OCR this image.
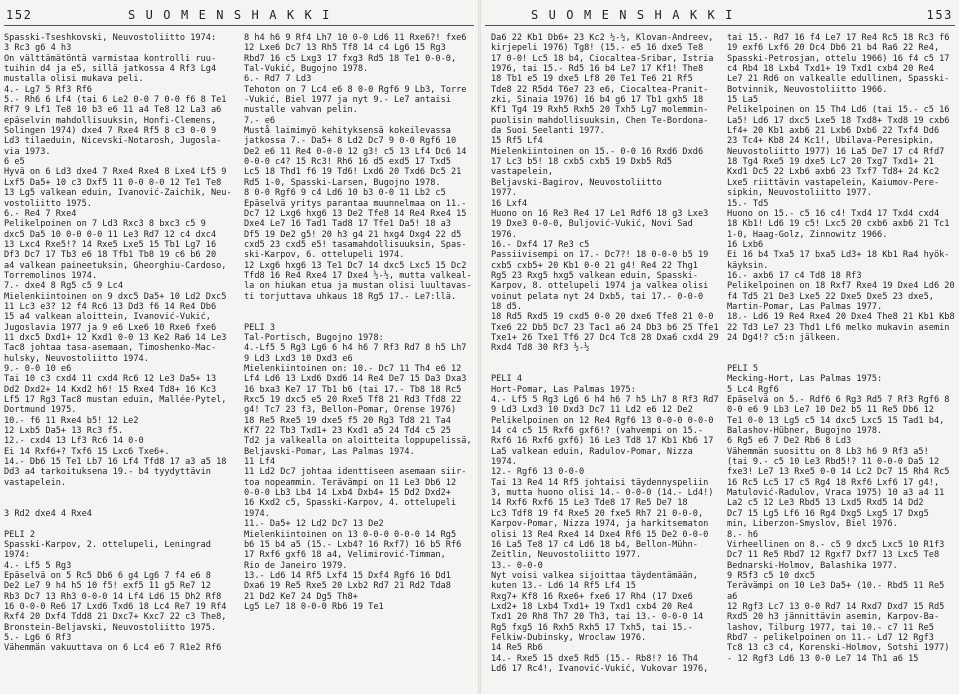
152	S U O M E N S H A K K I
Spasski-Tseshkovski, Neuvostoliitto 1974:
3 Rc3 g6 4 h3
On välttämätöntä varmistaa kontrolli ruu-
tuihin d4 ja e5, sillä jatkossa 4 Rf3 Lg4
mustalla olisi mukava peli.
4.- Lg7 5 Rf3 Rf6
5.- Rh6 6 Lf4 (tai 6 Le2 0-0 7 0-0 f6 8 Te1
Rf7 9 Lf1 Te8 10 b3 e6 11 a4 Te8 12 La3 a6
epäselvin mahdollisuuksin, Honfi-Clemens,
Solingen 1974) dxe4 7 Rxe4 Rf5 8 c3 0-0 9
Ld3 tilaeduin, Nicevski-Notarosh, Jugosla-
via 1973.
6 e5
Hyvä on 6 Ld3 dxe4 7 Rxe4 Rxe4 8 Lxe4 Lf5 9
Lxf5 Da5+ 10 c3 Dxf5 11 0-0 0-0 12 Te1 Te8
13 Lg5 valkean eduin, Ivanović-Zaichik, Neu-
vostoliitto 1975.
6.- Re4 7 Rxe4
Pelikelpoinen on 7 Ld3 Rxc3 8 bxc3 c5 9
dxc5 Da5 10 0-0 0-0 11 Le3 Rd7 12 c4 dxc4
13 Lxc4 Rxe5!? 14 Rxe5 Lxe5 15 Tb1 Lg7 16
Df3 Dc7 17 Tb3 e6 18 Tfb1 Tb8 19 c6 b6 20
a4 valkean paineetuksin, Gheorghiu-Cardoso,
Torremolinos 1974.
7.- dxe4 8 Rg5 c5 9 Lc4
Mielenkiintoinen on 9 dxc5 Da5+ 10 Ld2 Dxc5
11 Lc3 e3? 12 f4 Rc6 13 Dd3 f6 14 Re4 Db6
15 a4 valkean aloittein, Ivanović-Vukić,
Jugoslavia 1977 ja 9 e6 Lxe6 10 Rxe6 fxe6
11 dxc5 Dxd1+ 12 Kxd1 0-0 13 Ke2 Ra6 14 Le3
Tac8 johtaa tasa-asemaan, Timoshenko-Mac-
hulsky, Neuvostoliitto 1974.
9.- 0-0 10 e6
Tai 10 c3 cxd4 11 cxd4 Rc6 12 Le3 Da5+ 13
Dd2 Dxd2+ 14 Kxd2 h6! 15 Rxe4 Td8+ 16 Kc3
Lf5 17 Rg3 Tac8 mustan eduin, Mallée-Pytel,
Dortmund 1975.
10.- f6 11 Rxe4 b5! 12 Le2
12 Lxb5 Da5+ 13 Rc3 f5.
12.- cxd4 13 Lf3 Rc6 14 0-0
Ei 14 Rxf6+? Txf6 15 Lxc6 Txe6+.
14.- Db6 15 Te1 Lb7 16 Lf4 Tfd8 17 a3 a5 18
Dd3 a4 tarkoituksena 19.- b4 tyydyttävin
vastapelein.

3 Rd2 dxe4 4 Rxe4

PELI 2
Spasski-Karpov, 2. ottelupeli, Leningrad
1974:
4.- Lf5 5 Rg3
Epäselvä on 5 Rc5 Db6 6 g4 Lg6 7 f4 e6 8
De2 Le7 9 h4 h5 10 f5! exf5 11 g5 Re7 12
Rb3 Dc7 13 Rh3 0-0-0 14 Lf4 Ld6 15 Dh2 Rf8
16 0-0-0 Re6 17 Lxd6 Txd6 18 Lc4 Re7 19 Rf4
Rxf4 20 Dxf4 Tdd8 21 Dxc7+ Kxc7 22 c3 The8,
Bronstein-Beljavski, Neuvostoliitto 1975.
5.- Lg6 6 Rf3
Vähemmän vakuuttava on 6 Lc4 e6 7 R1e2 Rf6
8 h4 h6 9 Rf4 Lh7 10 0-0 Ld6 11 Rxe6?! fxe6
12 Lxe6 Dc7 13 Rh5 Tf8 14 c4 Lg6 15 Rg3
Rbd7 16 c5 Lxg3 17 fxg3 Rd5 18 Te1 0-0-0,
Tal-Vukić, Bugojno 1978.
6.- Rd7 7 Ld3
Tehoton on 7 Lc4 e6 8 0-0 Rgf6 9 Lb3, Torre
-Vukić, Biel 1977 ja nyt 9.- Le7 antaisi
mustalle vahvan pelin.
7.- e6
Mustå laimimyö kehityksensä kokeilevassa
jatkossa 7.- Da5+ 8 Ld2 Dc7 9 0-0 Rgf6 10
De2 e6 11 Re4 0-0-0 12 g3! c5 13 Lf4 Dc6 14
0-0-0 c4? 15 Rc3! Rh6 16 d5 exd5 17 Txd5
Lc5 18 Thd1 f6 19 Td6! Lxd6 20 Txd6 Dc5 21
Rd5 1-0, Spasski-Larsen, Bugojno 1978.
8 0-0 Rgf6 9 c4 Ld6 10 b3 0-0 11 Lb2 c5
Epäselvä yritys parantaa muunnelmaa on 11.-
Dc7 12 Lxg6 hxg6 13 De2 Tfe8 14 Re4 Rxe4 15
Dxe4 Le7 16 Tad1 Tad8 17 Tfe1 Da5! 18 a3
Df5 19 De2 g5! 20 h3 g4 21 hxg4 Dxg4 22 d5
cxd5 23 cxd5 e5! tasamahdollisuuksin, Spas-
ski-Karpov, 6. ottelupeli 1974.
12 Lxg6 hxg6 13 Te1 Dc7 14 dxc5 Lxc5 15 Dc2
Tfd8 16 Re4 Rxe4 17 Dxe4 ½-½, mutta valkeal-
la on hiukan etua ja mustan olisi luultavas-
ti torjuttava uhkaus 18 Rg5 17.- Le7:llä.

PELI 3
Tal-Portisch, Bugojno 1978:
4.-Lf5 5 Rg3 Lg6 6 h4 h6 7 Rf3 Rd7 8 h5 Lh7
9 Ld3 Lxd3 10 Dxd3 e6
Mielenkiintoinen on: 10.- Dc7 11 Th4 e6 12
Lf4 Ld6 13 Lxd6 Dxd6 14 Re4 De7 15 Da3 Dxa3
16 bxa3 Ke7 17 Tb1 b6 (tai 17.- Tb8 18 Rc5
Rxc5 19 dxc5 e5 20 Rxe5 Tf8 21 Rd3 Tfd8 22
g4! Tc7 23 f3, Bellon-Pomar, Orense 1976)
18 Re5 Rxe5 19 dxe5 f5 20 Rg3 Td8 21 Ta4
Kf7 22 Tb3 Txd1+ 23 Kxd1 a5 24 Td4 c5 25
Td2 ja valkealla on aloitteita loppupelissä,
Beljavski-Pomar, Las Palmas 1974.
11 Lf4
11 Ld2 Dc7 johtaa identtiseen asemaan siir-
toa nopeammin. Terävämpi on 11 Le3 Db6 12
0-0-0 Lb3 Lb4 14 Lxb4 Dxb4+ 15 Dd2 Dxd2+
16 Kxd2 c5, Spasski-Karpov, 4. ottelupeli
1974.
11.- Da5+ 12 Ld2 Dc7 13 De2
Mielenkiintoinen on 13 0-0-0 0-0-0 14 Rg5
b6 15 b4 a5 (15.- Lxb4? 16 Rxf7) 16 b5 Rf6
17 Rxf6 gxf6 18 a4, Velimirović-Timman,
Rio de Janeiro 1979.
13.- Ld6 14 Rf5 Lxf4 15 Dxf4 Rgf6 16 Dd1
Dxa6 19 Re5 Rxe5 20 Lxb2 Rd7 21 Rd2 Tda8
21 Dd2 Ke7 24 Dg5 Th8+
Lg5 Le7 18 0-0-0 Rb6 19 Te1
S U O M E N S H A K K I	153
Da6 22 Kb1 Db6+ 23 Kc2 ½-½, Klovan-Andreev,
kirjepeli 1976) Tg8! (15.- e5 16 dxe5 Te8
17 0-0! Lc5 18 b4, Ciocaltea-Sribar, Istria
1976, tai 15.- Rd5 16 b4 Le7 17 Kf1! The8
18 Tb1 e5 19 dxe5 Lf8 20 Te1 Te6 21 Rf5
Tde8 22 R5d4 T6e7 23 e6, Ciocaltea-Pranit-
zki, Sinaia 1976) 16 b4 g6 17 Tb1 gxh5 18
Kf1 Tg4 19 Rxh5 Rxh5 20 Txh5 Lg7 molemmin-
puolisin mahdollisuuksin, Chen Te-Bordona-
da Suoi Seelanti 1977.
15 Rf5 Lf4
Mielenkiintoinen on 15.- 0-0 16 Rxd6 Dxd6
17 Lc3 b5! 18 cxb5 cxb5 19 Dxb5 Rd5 vastapelein,
Beljavski-Bagirov, Neuvostoliitto
1977.
16 Lxf4
Huono on 16 Re3 Re4 17 Le1 Rdf6 18 g3 Lxe3
19 Dxe3 0-0-0, Buljović-Vukić, Novi Sad
1976.
16.- Dxf4 17 Re3 c5
Passiivisempi on 17.- Dc7?! 18 0-0-0 b5 19
cxb5 cxb5+ 20 Kb1 0-0 21 g4! Re4 22 Thg1
Rg5 23 Rxg5 hxg5 valkean eduin, Spasski-
Karpov, 8. ottelupeli 1974 ja valkea olisi
voinut pelata nyt 24 Dxb5, tai 17.- 0-0-0
18 d5.
18 Rd5 Rxd5 19 cxd5 0-0 20 dxe6 Tfe8 21 0-0
Txe6 22 Db5 Dc7 23 Tac1 a6 24 Db3 b6 25 Tfe1
Txe1+ 26 Txe1 Tf6 27 Dc4 Tc8 28 Dxa6 cxd4 29
Rxd4 Td8 30 Rf3 ½-½

PELI 4
Hort-Pomar, Las Palmas 1975:
4.- Lf5 5 Rg3 Lg6 6 h4 h6 7 h5 Lh7 8 Rf3 Rd7
9 Ld3 Lxd3 10 Dxd3 Dc7 11 Ld2 e6 12 De2
Pelikelpoinen on 12 Re4 Rgf6 13 0-0-0 0-0-0
14 c4 c5 15 Rxf6 gxf6!? (vahvempi on 15.-
Rxf6 16 Rxf6 gxf6) 16 Le3 Td8 17 Kb1 Kb6 17
La5 valkean eduin, Radulov-Pomar, Nizza
1974.
12.- Rgf6 13 0-0-0
Tai 13 Re4 14 Rf5 johtaisi täydennyspeliin
3, mutta huono olisi 14.- 0-0-0 (14.- Ld4!)
14 Rxf6 Rxf6 15 Le3 Tde8 17 Re5 De7 18
Lc3 Tdf8 19 f4 Rxe5 20 fxe5 Rh7 21 0-0-0,
Karpov-Pomar, Nizza 1974, ja harkitsematon
olisi 13 Re4 Rxe4 14 Dxe4 Rf6 15 De2 0-0-0
16 La5 Te8 17 c4 Ld6 18 b4, Bellon-Mühn-
Zeitlin, Neuvostoliitto 1977.
13.- 0-0-0
Nyt voisi valkea sijoittaa täydentämään,
kuten 13.- Ld6 14 Rf5 Lf4 15
Rxg7+ Kf8 16 Rxe6+ fxe6 17 Rh4 (17 Dxe6
Lxd2+ 18 Lxb4 Txd1+ 19 Txd1 cxb4 20 Re4
Txd1 20 Rh8 Th7 20 Th3, tai 13.- 0-0-0 14
Rg5 fxg5 16 Rxh5 Rxh5 17 Txh5, tai 15.-
Felkiw-Dubinsky, Wroclaw 1976.
14 Re5 Rb6
14.- Rxe5 15 dxe5 Rd5 (15.- Rb8!? 16 Th4
Ld6 17 Rc4!, Ivanović-Vukić, Vukovar 1976,
tai 15.- Rd7 16 f4 Le7 17 Re4 Rc5 18 Rc3 f6
19 exf6 Lxf6 20 Dc4 Db6 21 b4 Ra6 22 Re4,
Spasski-Petrosjan, ottelu 1966) 16 f4 c5 17
c4 Rb4 18 Lxb4 Txd1+ 19 Txd1 cxb4 20 Re4
Le7 21 Rd6 on valkealle edullinen, Spasski-
Botvinnik, Neuvostoliitto 1966.
15 La5
Pelikelpoinen on 15 Th4 Ld6 (tai 15.- c5 16
La5! Ld6 17 dxc5 Lxe5 18 Txd8+ Txd8 19 cxb6
Lf4+ 20 Kb1 axb6 21 Lxb6 Dxb6 22 Txf4 Dd6
23 Tc4+ Kb8 24 Kc1!, Ubilava-Peresipkin,
Neuvostoliitto 1977) 16 La5 De7 17 c4 Rfd7
18 Tg4 Rxe5 19 dxe5 Lc7 20 Txg7 Txd1+ 21
Kxd1 Dc5 22 Lxb6 axb6 23 Txf7 Td8+ 24 Kc2
Lxe5 riittävin vastapelein, Kaiumov-Pere-
sipkin, Neuvostoliitto 1977.
15.- Td5
Huono on 15.- c5 16 c4! Txd4 17 Txd4 cxd4
18 Kb1! Ld6 19 c5! Lxc5 20 cxb6 axb6 21 Tc1
1-0, Haag-Golz, Zinnowitz 1966.
16 Lxb6
Ei 16 b4 Txa5 17 bxa5 Ld3+ 18 Kb1 Ra4 hyök-
käyksin.
16.- axb6 17 c4 Td8 18 Rf3
Pelikelpoinen on 18 Rxf7 Rxe4 19 Dxe4 Ld6 20
f4 Td5 21 De3 Lxe5 22 Dxe5 Dxe5 23 dxe5,
Martin-Pomar, Las Palmas 1977.
18.- Ld6 19 Re4 Rxe4 20 Dxe4 The8 21 Kb1 Kb8
22 Td3 Le7 23 Thd1 Lf6 melko mukavin asemin
24 Dg4!? c5:n jälkeen.

PELI 5
Mecking-Hort, Las Palmas 1975:
5 Lc4 Rgf6
Epäselvä on 5.- Rdf6 6 Rg3 Rd5 7 Rf3 Rgf6 8
0-0 e6 9 Lb3 Le7 10 De2 b5 11 Re5 Db6 12
Te1 0-0 13 Lg5 c5 14 dxc5 Lxc5 15 Tad1 b4,
Balashov-Hübner, Bugojno 1978.
6 Rg5 e6 7 De2 Rb6 8 Ld3
Vähemmän suosittu on 8 Lb3 h6 9 Rf3 a5!
(tai 9.- c5 10 Le3 Rbd5!? 11 0-0-0 Da5 12
fxe3! Le7 13 Rxe5 0-0 14 Lc2 Dc7 15 Rh4 Rc5
16 Rc5 Lc5 17 c5 Rg4 18 Rxf6 Lxf6 17 g4!,
Matulović-Radulov, Vraca 1975) 10 a3 a4 11
La2 c5 12 Le3 Rbd5 13 Lxd5 Rxd5 14 Dd2
Dc7 15 Lg5 Lf6 16 Rg4 Dxg5 Lxg5 17 Dxg5
min, Liberzon-Smyslov, Biel 1976.
8.- h6
Virheellinen on 8.- c5 9 dxc5 Lxc5 10 R1f3
Dc7 11 Re5 Rbd7 12 Rgxf7 Dxf7 13 Lxc5 Te8
Bednarski-Holmov, Balashika 1977.
9 R5f3 c5 10 dxc5
Terävämpi on 10 Le3 Da5+ (10.- Rbd5 11 Re5 a6
12 Rgf3 Lc7 13 0-0 Rd7 14 Rxd7 Dxd7 15 Rd5
Rxd5 20 h3 jännittävin asemin, Karpov-Ba-
lashov, Tilburg 1977, tai 10.- c7 11 Re5
Rbd7 - pelikelpoinen on 11.- Ld7 12 Rgf3
Tc8 13 c3 c4, Korenski-Holmov, Sotshi 1977)
- 12 Rgf3 Ld6 13 0-0 Le7 14 Th1 a6 15
